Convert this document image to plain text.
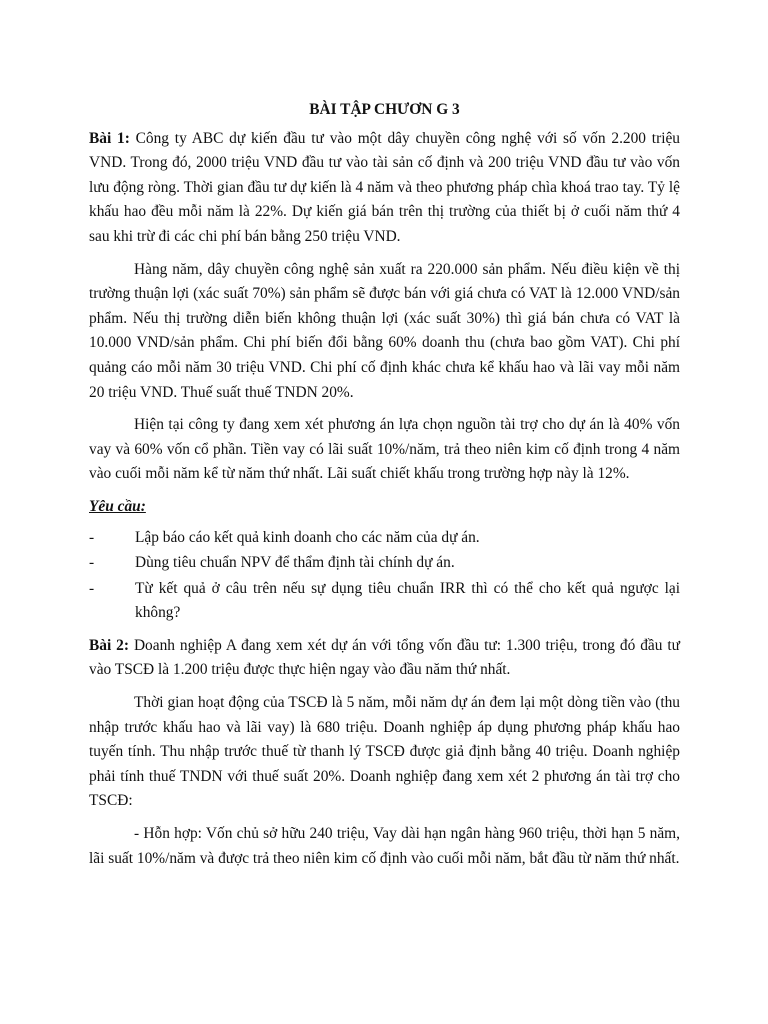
BÀI TẬP CHƯƠN G 3

Bài 1: Công ty ABC dự kiến đầu tư vào một dây chuyền công nghệ với số vốn 2.200 triệu VND. Trong đó, 2000 triệu VND đầu tư vào tài sản cố định và 200 triệu VND đầu tư vào vốn lưu động ròng. Thời gian đầu tư dự kiến là 4 năm và theo phương pháp chìa khoá trao tay. Tỷ lệ khấu hao đều mỗi năm là 22%. Dự kiến giá bán trên thị trường của thiết bị ở cuối năm thứ 4 sau khi trừ đi các chi phí bán bằng 250 triệu VND.

Hàng năm, dây chuyền công nghệ sản xuất ra 220.000 sản phẩm. Nếu điều kiện về thị trường thuận lợi (xác suất 70%) sản phẩm sẽ được bán với giá chưa có VAT là 12.000 VND/sản phẩm. Nếu thị trường diễn biến không thuận lợi (xác suất 30%) thì giá bán chưa có VAT là 10.000 VND/sản phẩm. Chi phí biến đổi bằng 60% doanh thu (chưa bao gồm VAT). Chi phí quảng cáo mỗi năm 30 triệu VND. Chi phí cố định khác chưa kể khấu hao và lãi vay mỗi năm 20 triệu VND. Thuế suất thuế TNDN 20%.

Hiện tại công ty đang xem xét phương án lựa chọn nguồn tài trợ cho dự án là 40% vốn vay và 60% vốn cổ phần. Tiền vay có lãi suất 10%/năm, trả theo niên kim cố định trong 4 năm vào cuối mỗi năm kể từ năm thứ nhất. Lãi suất chiết khấu trong trường hợp này là 12%.

Yêu cầu:
-	Lập báo cáo kết quả kinh doanh cho các năm của dự án.
-	Dùng tiêu chuẩn NPV để thẩm định tài chính dự án.
-	Từ kết quả ở câu trên nếu sự dụng tiêu chuẩn IRR thì có thể cho kết quả ngược lại không?

Bài 2: Doanh nghiệp A đang xem xét dự án với tổng vốn đầu tư: 1.300 triệu, trong đó đầu tư vào TSCĐ là 1.200 triệu được thực hiện ngay vào đầu năm thứ nhất.

Thời gian hoạt động của TSCĐ là 5 năm, mỗi năm dự án đem lại một dòng tiền vào (thu nhập trước khấu hao và lãi vay) là 680 triệu. Doanh nghiệp áp dụng phương pháp khấu hao tuyến tính. Thu nhập trước thuế từ thanh lý TSCĐ được giả định bằng 40 triệu. Doanh nghiệp phải tính thuế TNDN với thuế suất 20%. Doanh nghiệp đang xem xét 2 phương án tài trợ cho TSCĐ:

- Hỗn hợp: Vốn chủ sở hữu 240 triệu, Vay dài hạn ngân hàng 960 triệu, thời hạn 5 năm, lãi suất 10%/năm và được trả theo niên kim cố định vào cuối mỗi năm, bắt đầu từ năm thứ nhất.
